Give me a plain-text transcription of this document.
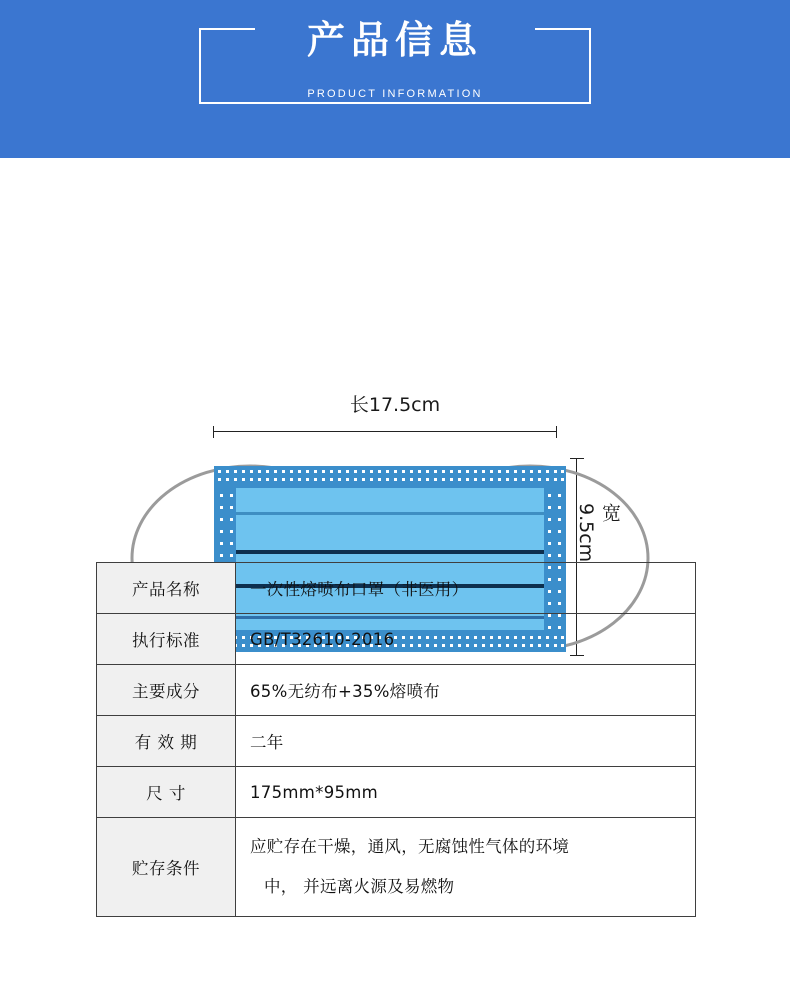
产品信息
PRODUCT INFORMATION
长17.5cm
宽9.5cm
产品名称	一次性熔喷布口罩（非医用）
执行标准	GB/T32610-2016
主要成分	65%无纺布+35%熔喷布
有 效 期	二年
尺 寸	175mm*95mm
贮存条件	应贮存在干燥，通风，无腐蚀性气体的环境
中， 并远离火源及易燃物
